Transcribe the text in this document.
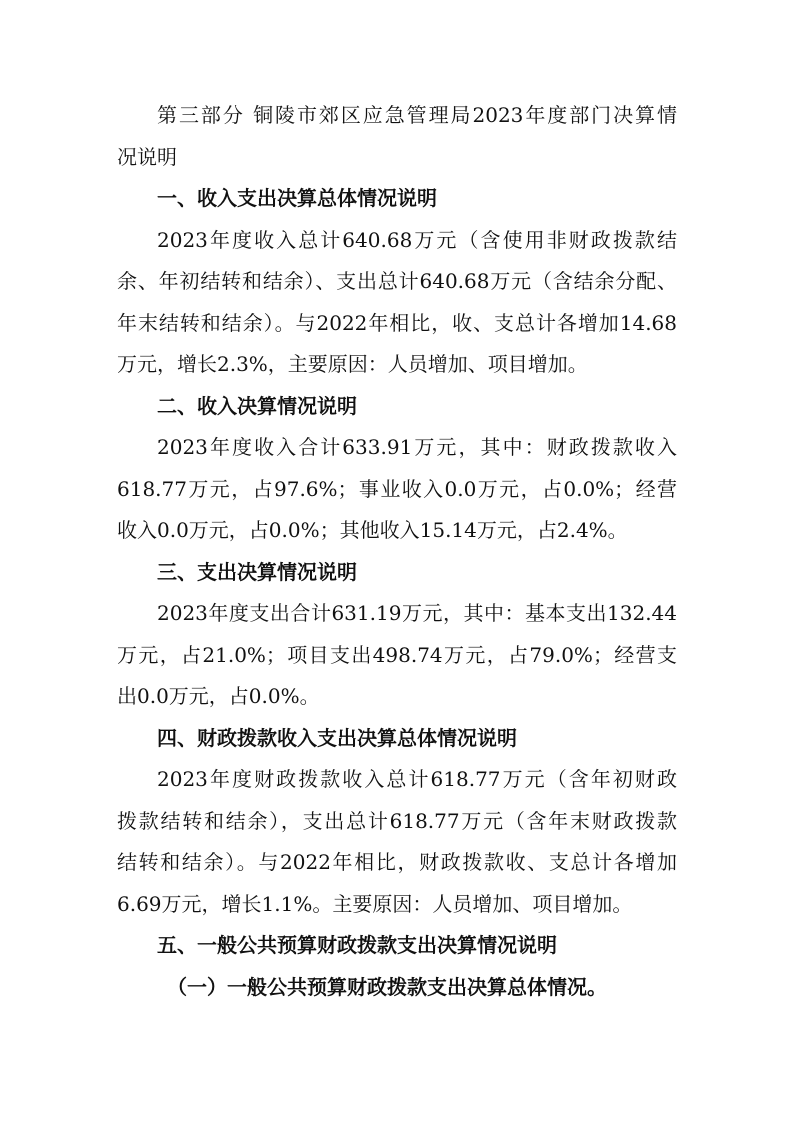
第三部分 铜陵市郊区应急管理局2023年度部门决算情

况说明

一、收入支出决算总体情况说明

2023年度收入总计640.68万元（含使用非财政拨款结

余、年初结转和结余）、支出总计640.68万元（含结余分配、

年末结转和结余）。与2022年相比，收、支总计各增加14.68

万元，增长2.3%，主要原因：人员增加、项目增加。

二、收入决算情况说明

2023年度收入合计633.91万元，其中：财政拨款收入

618.77万元，占97.6%；事业收入0.0万元，占0.0%；经营

收入0.0万元，占0.0%；其他收入15.14万元，占2.4%。

三、支出决算情况说明

2023年度支出合计631.19万元，其中：基本支出132.44

万元，占21.0%；项目支出498.74万元，占79.0%；经营支

出0.0万元，占0.0%。

四、财政拨款收入支出决算总体情况说明

2023年度财政拨款收入总计618.77万元（含年初财政

拨款结转和结余），支出总计618.77万元（含年末财政拨款

结转和结余）。与2022年相比，财政拨款收、支总计各增加

6.69万元，增长1.1%。主要原因：人员增加、项目增加。

五、一般公共预算财政拨款支出决算情况说明

（一）一般公共预算财政拨款支出决算总体情况。
